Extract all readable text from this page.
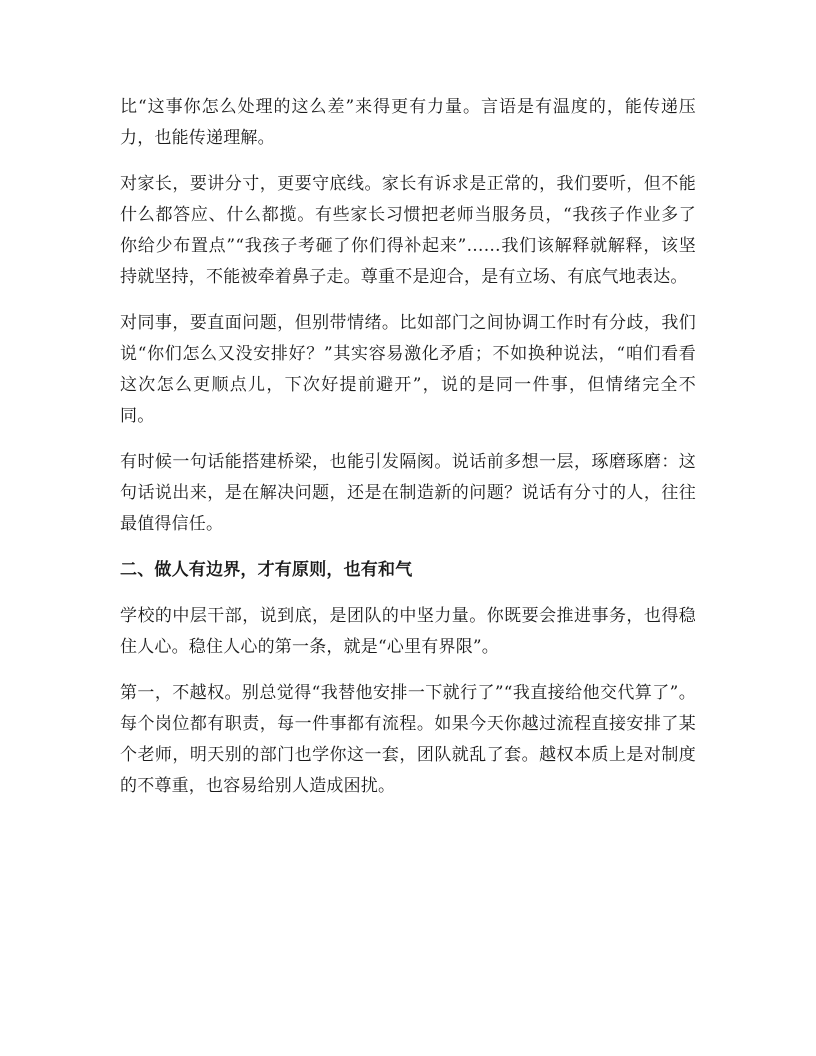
比“这事你怎么处理的这么差”来得更有力量。言语是有温度的，能传递压力，也能传递理解。

对家长，要讲分寸，更要守底线。家长有诉求是正常的，我们要听，但不能什么都答应、什么都揽。有些家长习惯把老师当服务员，“我孩子作业多了你给少布置点”“我孩子考砸了你们得补起来”……我们该解释就解释，该坚持就坚持，不能被牵着鼻子走。尊重不是迎合，是有立场、有底气地表达。

对同事，要直面问题，但别带情绪。比如部门之间协调工作时有分歧，我们说“你们怎么又没安排好？”其实容易激化矛盾；不如换种说法，“咱们看看这次怎么更顺点儿，下次好提前避开”，说的是同一件事，但情绪完全不同。

有时候一句话能搭建桥梁，也能引发隔阂。说话前多想一层，琢磨琢磨：这句话说出来，是在解决问题，还是在制造新的问题？说话有分寸的人，往往最值得信任。

二、做人有边界，才有原则，也有和气

学校的中层干部，说到底，是团队的中坚力量。你既要会推进事务，也得稳住人心。稳住人心的第一条，就是“心里有界限”。

第一，不越权。别总觉得“我替他安排一下就行了”“我直接给他交代算了”。每个岗位都有职责，每一件事都有流程。如果今天你越过流程直接安排了某个老师，明天别的部门也学你这一套，团队就乱了套。越权本质上是对制度的不尊重，也容易给别人造成困扰。
